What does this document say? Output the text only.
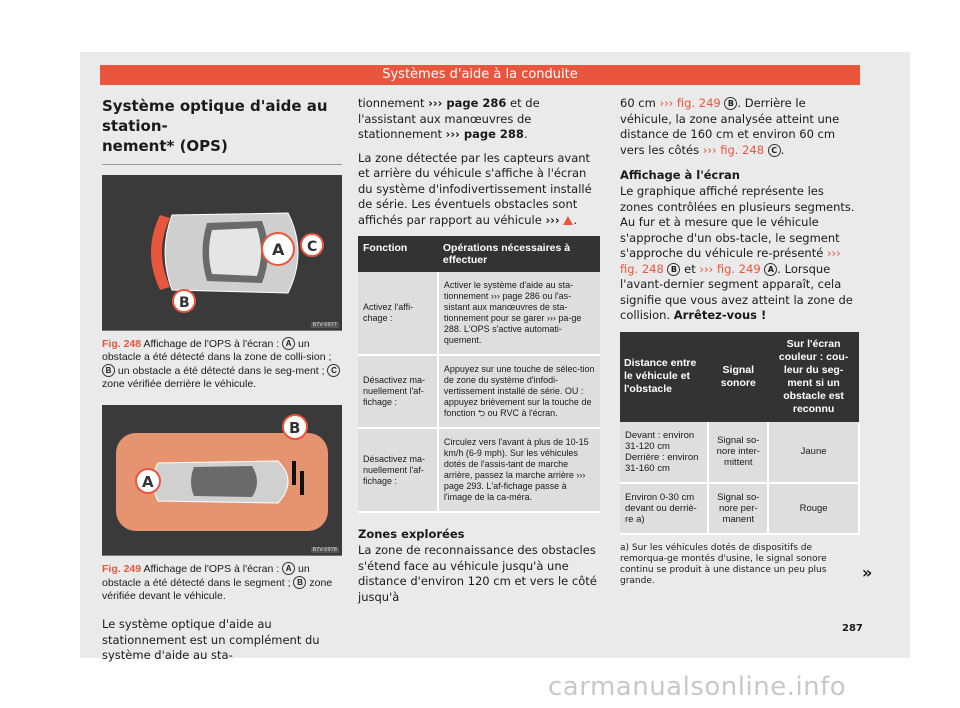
Systèmes d'aide à la conduite
Système optique d'aide au station-
nement* (OPS)
A C
B
B7V-0977
Fig. 248 Affichage de l'OPS à l'écran : A un obstacle a été détecté dans la zone de colli-sion ; B un obstacle a été détecté dans le seg-ment ; C zone vérifiée derrière le véhicule.
B
A
B7V-0978
Fig. 249 Affichage de l'OPS à l'écran : A un obstacle a été détecté dans le segment ; B zone vérifiée devant le véhicule.

Le système optique d'aide au stationnement est un complément du système d'aide au sta-

tionnement ››› page 286 et de l'assistant aux manœuvres de stationnement ››› page 288.

La zone détectée par les capteurs avant et arrière du véhicule s'affiche à l'écran du système d'infodivertissement installé de série. Les éventuels obstacles sont affichés par rapport au véhicule ››› .

Fonction	Opérations nécessaires à effectuer
Activez l'affi-chage :	Activer le système d'aide au sta-tionnement ››› page 286 ou l'as-sistant aux manœuvres de sta-tionnement pour se garer ››› pa-ge 288. L'OPS s'active automati-quement.
Désactivez ma-nuellement l'af-fichage :	Appuyez sur une touche de sélec-tion de zone du système d'infodi-vertissement installé de série. OU : appuyez brièvement sur la touche de fonction ⮌ ou RVC à l'écran.
Désactivez ma-nuellement l'af-fichage :	Circulez vers l'avant à plus de 10-15 km/h (6-9 mph). Sur les véhicules dotés de l'assis-tant de marche arrière, passez la marche arrière ››› page 293. L'af-fichage passe à l'image de la ca-méra.
Zones explorées

La zone de reconnaissance des obstacles s'étend face au véhicule jusqu'à une distance d'environ 120 cm et vers le côté jusqu'à

60 cm ››› fig. 249 B . Derrière le véhicule, la zone analysée atteint une distance de 160 cm et environ 60 cm vers les côtés ››› fig. 248 C .

Affichage à l'écran

Le graphique affiché représente les zones contrôlées en plusieurs segments. Au fur et à mesure que le véhicule s'approche d'un obs-tacle, le segment s'approche du véhicule re-présenté ››› fig. 248 B et ››› fig. 249 A . Lorsque l'avant-dernier segment apparaît, cela signifie que vous avez atteint la zone de collision. Arrêtez-vous !

Distance entre le véhicule et l'obstacle	Signal sonore	Sur l'écran couleur : cou-leur du seg-ment si un obstacle est reconnu
Devant : environ 31-120 cm Derrière : environ 31-160 cm	Signal so-nore inter-mittent	Jaune
Environ 0-30 cm devant ou derriè-re a)	Signal so-nore per-manent	Rouge
a) Sur les véhicules dotés de dispositifs de remorqua-ge montés d'usine, le signal sonore continu se produit à une distance un peu plus grande.	»
287
carmanualsonline.info
